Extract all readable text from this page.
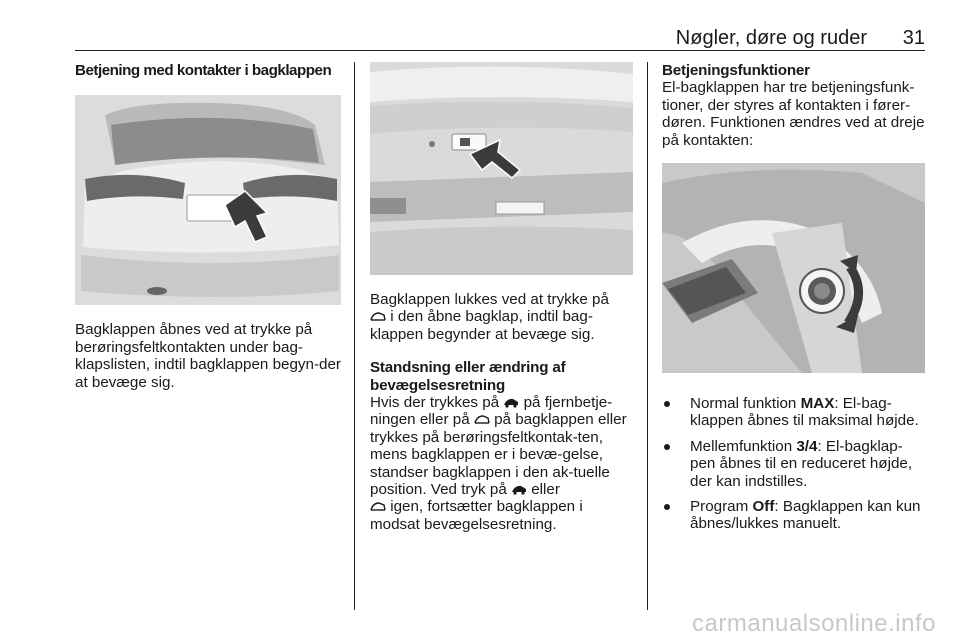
Nøgler, døre og ruder 31
Betjening med kontakter i bagklappen

Bagklappen åbnes ved at trykke på berøringsfeltkontakten under bag-klapslisten, indtil bagklappen begyn-der at bevæge sig.

Bagklappen lukkes ved at trykke på
i den åbne bagklap, indtil bag-klappen begynder at bevæge sig.

Standsning eller ændring af bevægelsesretning

Hvis der trykkes på  på fjernbetje-ningen eller på  på bagklappen eller trykkes på berøringsfeltkontak-ten, mens bagklappen er i bevæ-gelse, standser bagklappen i den ak-tuelle position. Ved tryk på  eller
igen, fortsætter bagklappen i modsat bevægelsesretning.

Betjeningsfunktioner

El-bagklappen har tre betjeningsfunk-tioner, der styres af kontakten i fører-døren. Funktionen ændres ved at dreje på kontakten:

Normal funktion MAX: El-bag-klappen åbnes til maksimal højde.
Mellemfunktion 3/4: El-bagklap-pen åbnes til en reduceret højde, der kan indstilles.
Program Off: Bagklappen kan kun åbnes/lukkes manuelt.
carmanualsonline.info
